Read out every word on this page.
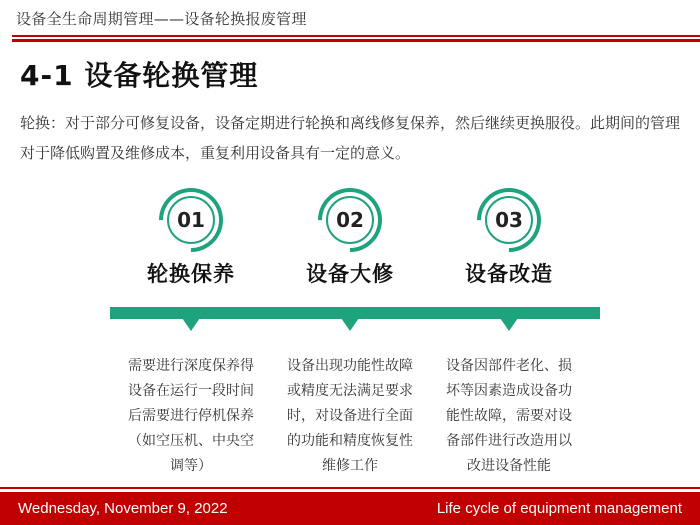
设备全生命周期管理——设备轮换报废管理
4-1 设备轮换管理
轮换：对于部分可修复设备，设备定期进行轮换和离线修复保养，然后继续更换服役。此期间的管理对于降低购置及维修成本，重复利用设备具有一定的意义。
01
轮换保养
02
设备大修
03
设备改造
需要进行深度保养得设备在运行一段时间后需要进行停机保养（如空压机、中央空调等）
设备出现功能性故障或精度无法满足要求时，对设备进行全面的功能和精度恢复性维修工作
设备因部件老化、损坏等因素造成设备功能性故障，需要对设备部件进行改造用以改进设备性能
Wednesday, November 9, 2022	Life cycle of equipment management
